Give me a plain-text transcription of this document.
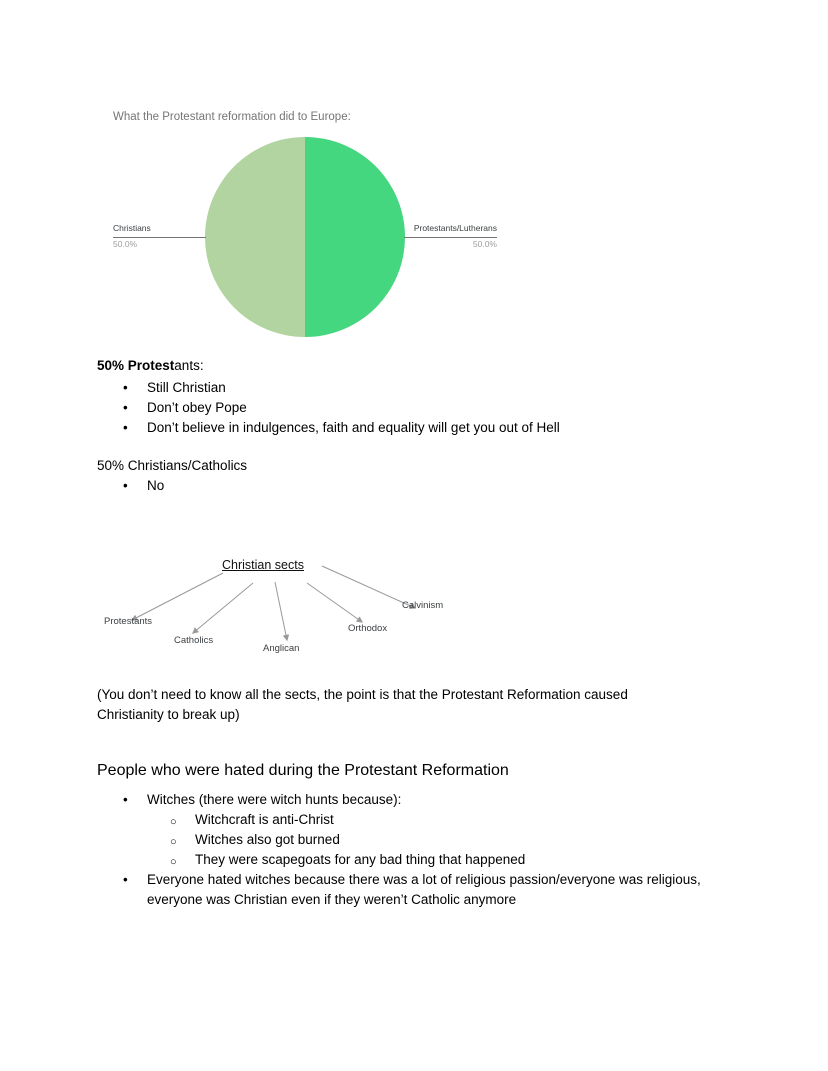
What the Protestant reformation did to Europe:
Christians
50.0%
Protestants/Lutherans
50.0%
50% Protestants:
• Still Christian
• Don’t obey Pope
• Don’t believe in indulgences, faith and equality will get you out of Hell
50% Christians/Catholics
• No
Christian sects
Protestants
Catholics
Anglican
Orthodox
Calvinism
(You don’t need to know all the sects, the point is that the Protestant Reformation caused Christianity to break up)
People who were hated during the Protestant Reformation
• Witches (there were witch hunts because):
○ Witchcraft is anti-Christ
○ Witches also got burned
○ They were scapegoats for any bad thing that happened
• Everyone hated witches because there was a lot of religious passion/everyone was religious, everyone was Christian even if they weren’t Catholic anymore
